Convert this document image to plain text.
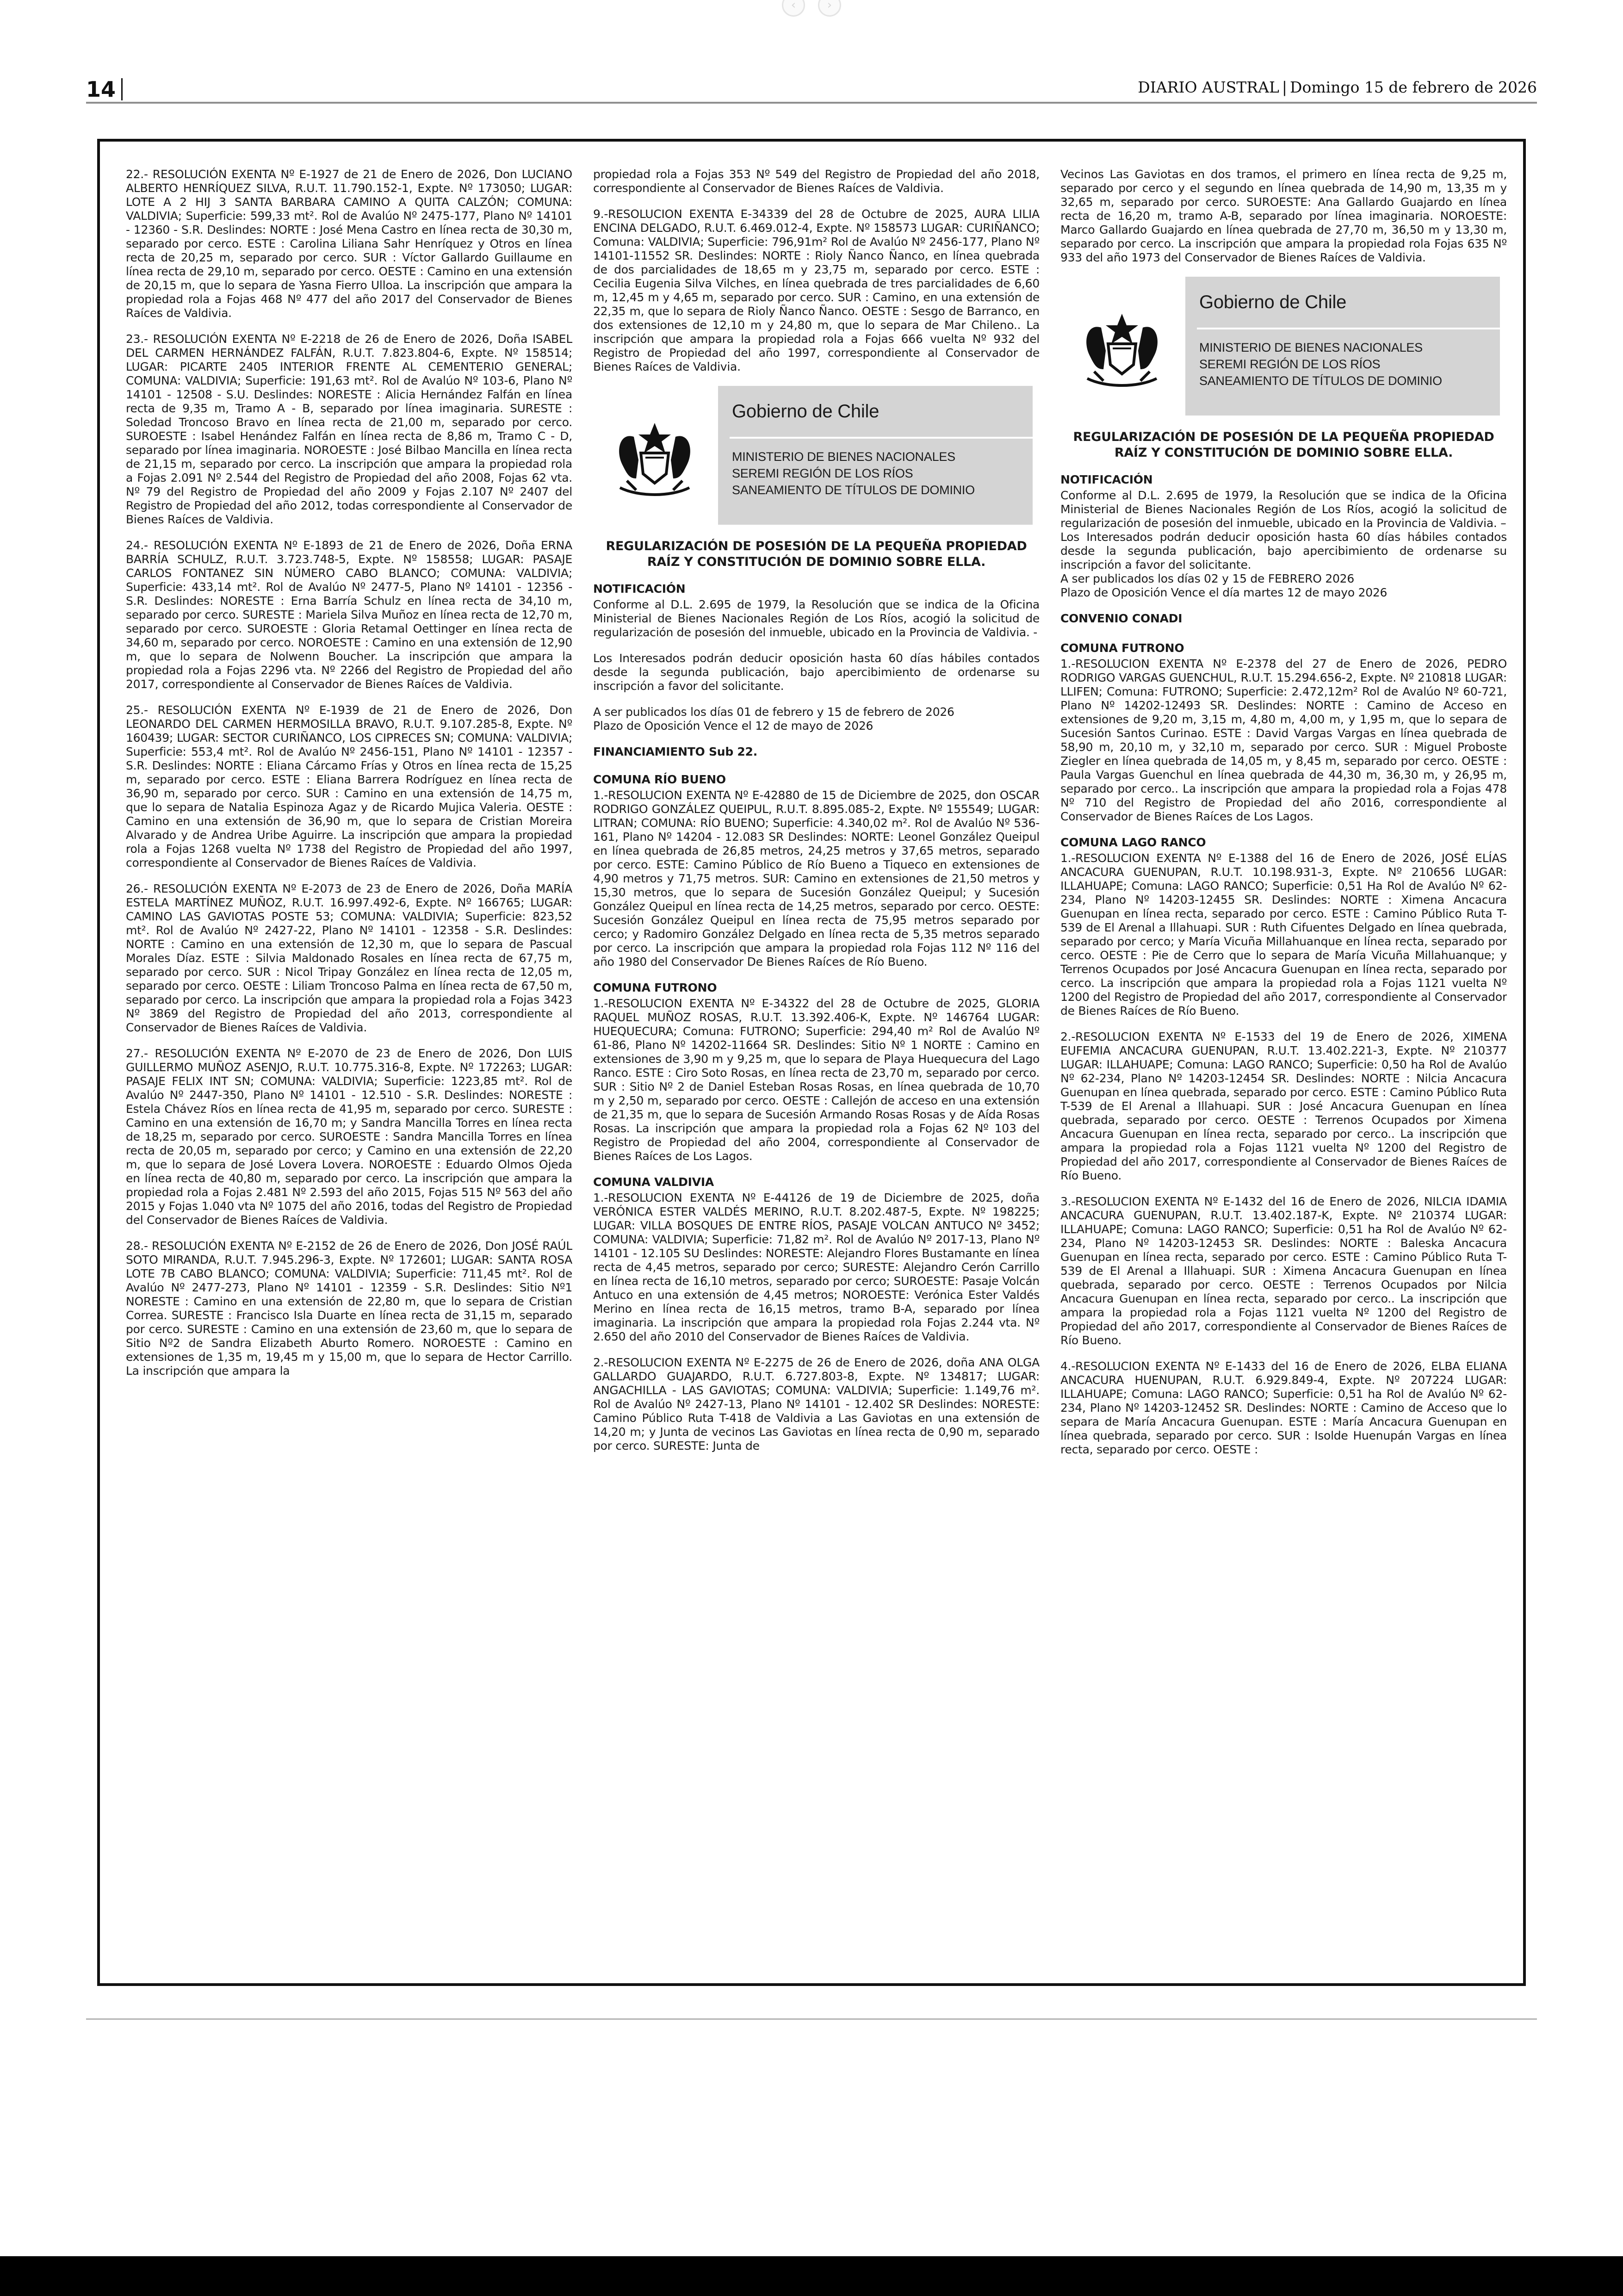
‹	›
14	DIARIO AUSTRAL | Domingo 15 de febrero de 2026

22.- RESOLUCIÓN EXENTA Nº E-1927 de 21 de Enero de 2026, Don LUCIANO ALBERTO HENRÍQUEZ SILVA, R.U.T. 11.790.152-1, Expte. Nº 173050; LUGAR: LOTE A 2 HIJ 3 SANTA BARBARA CAMINO A QUITA CALZÓN; COMUNA: VALDIVIA; Superficie: 599,33 mt². Rol de Avalúo Nº 2475-177, Plano Nº 14101 - 12360 - S.R. Deslindes: NORTE : José Mena Castro en línea recta de 30,30 m, separado por cerco. ESTE : Carolina Liliana Sahr Henríquez y Otros en línea recta de 20,25 m, separado por cerco. SUR : Víctor Gallardo Guillaume en línea recta de 29,10 m, separado por cerco. OESTE : Camino en una extensión de 20,15 m, que lo separa de Yasna Fierro Ulloa. La inscripción que ampara la propiedad rola a Fojas 468 Nº 477 del año 2017 del Conservador de Bienes Raíces de Valdivia.

23.- RESOLUCIÓN EXENTA Nº E-2218 de 26 de Enero de 2026, Doña ISABEL DEL CARMEN HERNÁNDEZ FALFÁN, R.U.T. 7.823.804-6, Expte. Nº 158514; LUGAR: PICARTE 2405 INTERIOR FRENTE AL CEMENTERIO GENERAL; COMUNA: VALDIVIA; Superficie: 191,63 mt². Rol de Avalúo Nº 103-6, Plano Nº 14101 - 12508 - S.U. Deslindes: NORESTE : Alicia Hernández Falfán en línea recta de 9,35 m, Tramo A - B, separado por línea imaginaria. SURESTE : Soledad Troncoso Bravo en línea recta de 21,00 m, separado por cerco. SUROESTE : Isabel Henández Falfán en línea recta de 8,86 m, Tramo C - D, separado por línea imaginaria. NOROESTE : José Bilbao Mancilla en línea recta de 21,15 m, separado por cerco. La inscripción que ampara la propiedad rola a Fojas 2.091 Nº 2.544 del Registro de Propiedad del año 2008, Fojas 62 vta. Nº 79 del Registro de Propiedad del año 2009 y Fojas 2.107 Nº 2407 del Registro de Propiedad del año 2012, todas correspondiente al Conservador de Bienes Raíces de Valdivia.

24.- RESOLUCIÓN EXENTA Nº E-1893 de 21 de Enero de 2026, Doña ERNA BARRÍA SCHULZ, R.U.T. 3.723.748-5, Expte. Nº 158558; LUGAR: PASAJE CARLOS FONTANEZ SIN NÚMERO CABO BLANCO; COMUNA: VALDIVIA; Superficie: 433,14 mt². Rol de Avalúo Nº 2477-5, Plano Nº 14101 - 12356 - S.R. Deslindes: NORESTE : Erna Barría Schulz en línea recta de 34,10 m, separado por cerco. SURESTE : Mariela Silva Muñoz en línea recta de 12,70 m, separado por cerco. SUROESTE : Gloria Retamal Oettinger en línea recta de 34,60 m, separado por cerco. NOROESTE : Camino en una extensión de 12,90 m, que lo separa de Nolwenn Boucher. La inscripción que ampara la propiedad rola a Fojas 2296 vta. Nº 2266 del Registro de Propiedad del año 2017, correspondiente al Conservador de Bienes Raíces de Valdivia.

25.- RESOLUCIÓN EXENTA Nº E-1939 de 21 de Enero de 2026, Don LEONARDO DEL CARMEN HERMOSILLA BRAVO, R.U.T. 9.107.285-8, Expte. Nº 160439; LUGAR: SECTOR CURIÑANCO, LOS CIPRECES SN; COMUNA: VALDIVIA; Superficie: 553,4 mt². Rol de Avalúo Nº 2456-151, Plano Nº 14101 - 12357 - S.R. Deslindes: NORTE : Eliana Cárcamo Frías y Otros en línea recta de 15,25 m, separado por cerco. ESTE : Eliana Barrera Rodríguez en línea recta de 36,90 m, separado por cerco. SUR : Camino en una extensión de 14,75 m, que lo separa de Natalia Espinoza Agaz y de Ricardo Mujica Valeria. OESTE : Camino en una extensión de 36,90 m, que lo separa de Cristian Moreira Alvarado y de Andrea Uribe Aguirre. La inscripción que ampara la propiedad rola a Fojas 1268 vuelta Nº 1738 del Registro de Propiedad del año 1997, correspondiente al Conservador de Bienes Raíces de Valdivia.

26.- RESOLUCIÓN EXENTA Nº E-2073 de 23 de Enero de 2026, Doña MARÍA ESTELA MARTÍNEZ MUÑOZ, R.U.T. 16.997.492-6, Expte. Nº 166765; LUGAR: CAMINO LAS GAVIOTAS POSTE 53; COMUNA: VALDIVIA; Superficie: 823,52 mt². Rol de Avalúo Nº 2427-22, Plano Nº 14101 - 12358 - S.R. Deslindes: NORTE : Camino en una extensión de 12,30 m, que lo separa de Pascual Morales Díaz. ESTE : Silvia Maldonado Rosales en línea recta de 67,75 m, separado por cerco. SUR : Nicol Tripay González en línea recta de 12,05 m, separado por cerco. OESTE : Liliam Troncoso Palma en línea recta de 67,50 m, separado por cerco. La inscripción que ampara la propiedad rola a Fojas 3423 Nº 3869 del Registro de Propiedad del año 2013, correspondiente al Conservador de Bienes Raíces de Valdivia.

27.- RESOLUCIÓN EXENTA Nº E-2070 de 23 de Enero de 2026, Don LUIS GUILLERMO MUÑOZ ASENJO, R.U.T. 10.775.316-8, Expte. Nº 172263; LUGAR: PASAJE FELIX INT SN; COMUNA: VALDIVIA; Superficie: 1223,85 mt². Rol de Avalúo Nº 2447-350, Plano Nº 14101 - 12.510 - S.R. Deslindes: NORESTE : Estela Chávez Ríos en línea recta de 41,95 m, separado por cerco. SURESTE : Camino en una extensión de 16,70 m; y Sandra Mancilla Torres en línea recta de 18,25 m, separado por cerco. SUROESTE : Sandra Mancilla Torres en línea recta de 20,05 m, separado por cerco; y Camino en una extensión de 22,20 m, que lo separa de José Lovera Lovera. NOROESTE : Eduardo Olmos Ojeda en línea recta de 40,80 m, separado por cerco. La inscripción que ampara la propiedad rola a Fojas 2.481 Nº 2.593 del año 2015, Fojas 515 Nº 563 del año 2015 y Fojas 1.040 vta Nº 1075 del año 2016, todas del Registro de Propiedad del Conservador de Bienes Raíces de Valdivia.

28.- RESOLUCIÓN EXENTA Nº E-2152 de 26 de Enero de 2026, Don JOSÉ RAÚL SOTO MIRANDA, R.U.T. 7.945.296-3, Expte. Nº 172601; LUGAR: SANTA ROSA LOTE 7B CABO BLANCO; COMUNA: VALDIVIA; Superficie: 711,45 mt². Rol de Avalúo Nº 2477-273, Plano Nº 14101 - 12359 - S.R. Deslindes: Sitio Nº1 NORESTE : Camino en una extensión de 22,80 m, que lo separa de Cristian Correa. SURESTE : Francisco Isla Duarte en línea recta de 31,15 m, separado por cerco. SURESTE : Camino en una extensión de 23,60 m, que lo separa de Sitio Nº2 de Sandra Elizabeth Aburto Romero. NOROESTE : Camino en extensiones de 1,35 m, 19,45 m y 15,00 m, que lo separa de Hector Carrillo. La inscripción que ampara la

propiedad rola a Fojas 353 Nº 549 del Registro de Propiedad del año 2018, correspondiente al Conservador de Bienes Raíces de Valdivia.

9.-RESOLUCION EXENTA E-34339 del 28 de Octubre de 2025, AURA LILIA ENCINA DELGADO, R.U.T. 6.469.012-4, Expte. Nº 158573 LUGAR: CURIÑANCO; Comuna: VALDIVIA; Superficie: 796,91m² Rol de Avalúo Nº 2456-177, Plano Nº 14101-11552 SR. Deslindes: NORTE : Rioly Ñanco Ñanco, en línea quebrada de dos parcialidades de 18,65 m y 23,75 m, separado por cerco. ESTE : Cecilia Eugenia Silva Vilches, en línea quebrada de tres parcialidades de 6,60 m, 12,45 m y 4,65 m, separado por cerco. SUR : Camino, en una extensión de 22,35 m, que lo separa de Rioly Ñanco Ñanco. OESTE : Sesgo de Barranco, en dos extensiones de 12,10 m y 24,80 m, que lo separa de Mar Chileno.. La inscripción que ampara la propiedad rola a Fojas 666 vuelta Nº 932 del Registro de Propiedad del año 1997, correspondiente al Conservador de Bienes Raíces de Valdivia.

Gobierno de Chile
MINISTERIO DE BIENES NACIONALES
SEREMI REGIÓN DE LOS RÍOS
SANEAMIENTO DE TÍTULOS DE DOMINIO
REGULARIZACIÓN DE POSESIÓN DE LA PEQUEÑA PROPIEDAD RAÍZ Y CONSTITUCIÓN DE DOMINIO SOBRE ELLA.
NOTIFICACIÓN

Conforme al D.L. 2.695 de 1979, la Resolución que se indica de la Oficina Ministerial de Bienes Nacionales Región de Los Ríos, acogió la solicitud de regularización de posesión del inmueble, ubicado en la Provincia de Valdivia. -

Los Interesados podrán deducir oposición hasta 60 días hábiles contados desde la segunda publicación, bajo apercibimiento de ordenarse su inscripción a favor del solicitante.

A ser publicados los días 01 de febrero y 15 de febrero de 2026

Plazo de Oposición Vence el 12 de mayo de 2026

FINANCIAMIENTO Sub 22.
COMUNA RÍO BUENO

1.-RESOLUCION EXENTA Nº E-42880 de 15 de Diciembre de 2025, don OSCAR RODRIGO GONZÁLEZ QUEIPUL, R.U.T. 8.895.085-2, Expte. Nº 155549; LUGAR: LITRAN; COMUNA: RÍO BUENO; Superficie: 4.340,02 m². Rol de Avalúo Nº 536-161, Plano Nº 14204 - 12.083 SR Deslindes: NORTE: Leonel González Queipul en línea quebrada de 26,85 metros, 24,25 metros y 37,65 metros, separado por cerco. ESTE: Camino Público de Río Bueno a Tiqueco en extensiones de 4,90 metros y 71,75 metros. SUR: Camino en extensiones de 21,50 metros y 15,30 metros, que lo separa de Sucesión González Queipul; y Sucesión González Queipul en línea recta de 14,25 metros, separado por cerco. OESTE: Sucesión González Queipul en línea recta de 75,95 metros separado por cerco; y Radomiro González Delgado en línea recta de 5,35 metros separado por cerco. La inscripción que ampara la propiedad rola Fojas 112 Nº 116 del año 1980 del Conservador De Bienes Raíces de Río Bueno.

COMUNA FUTRONO

1.-RESOLUCION EXENTA Nº E-34322 del 28 de Octubre de 2025, GLORIA RAQUEL MUÑOZ ROSAS, R.U.T. 13.392.406-K, Expte. Nº 146764 LUGAR: HUEQUECURA; Comuna: FUTRONO; Superficie: 294,40 m² Rol de Avalúo Nº 61-86, Plano Nº 14202-11664 SR. Deslindes: Sitio Nº 1 NORTE : Camino en extensiones de 3,90 m y 9,25 m, que lo separa de Playa Huequecura del Lago Ranco. ESTE : Ciro Soto Rosas, en línea recta de 23,70 m, separado por cerco. SUR : Sitio Nº 2 de Daniel Esteban Rosas Rosas, en línea quebrada de 10,70 m y 2,50 m, separado por cerco. OESTE : Callejón de acceso en una extensión de 21,35 m, que lo separa de Sucesión Armando Rosas Rosas y de Aída Rosas Rosas. La inscripción que ampara la propiedad rola a Fojas 62 Nº 103 del Registro de Propiedad del año 2004, correspondiente al Conservador de Bienes Raíces de Los Lagos.

COMUNA VALDIVIA

1.-RESOLUCION EXENTA Nº E-44126 de 19 de Diciembre de 2025, doña VERÓNICA ESTER VALDÉS MERINO, R.U.T. 8.202.487-5, Expte. Nº 198225; LUGAR: VILLA BOSQUES DE ENTRE RÍOS, PASAJE VOLCAN ANTUCO Nº 3452; COMUNA: VALDIVIA; Superficie: 71,82 m². Rol de Avalúo Nº 2017-13, Plano Nº 14101 - 12.105 SU Deslindes: NORESTE: Alejandro Flores Bustamante en línea recta de 4,45 metros, separado por cerco; SURESTE: Alejandro Cerón Carrillo en línea recta de 16,10 metros, separado por cerco; SUROESTE: Pasaje Volcán Antuco en una extensión de 4,45 metros; NOROESTE: Verónica Ester Valdés Merino en línea recta de 16,15 metros, tramo B-A, separado por línea imaginaria. La inscripción que ampara la propiedad rola Fojas 2.244 vta. Nº 2.650 del año 2010 del Conservador de Bienes Raíces de Valdivia.

2.-RESOLUCION EXENTA Nº E-2275 de 26 de Enero de 2026, doña ANA OLGA GALLARDO GUAJARDO, R.U.T. 6.727.803-8, Expte. Nº 134817; LUGAR: ANGACHILLA - LAS GAVIOTAS; COMUNA: VALDIVIA; Superficie: 1.149,76 m². Rol de Avalúo Nº 2427-13, Plano Nº 14101 - 12.402 SR Deslindes: NORESTE: Camino Público Ruta T-418 de Valdivia a Las Gaviotas en una extensión de 14,20 m; y Junta de vecinos Las Gaviotas en línea recta de 0,90 m, separado por cerco. SURESTE: Junta de

Vecinos Las Gaviotas en dos tramos, el primero en línea recta de 9,25 m, separado por cerco y el segundo en línea quebrada de 14,90 m, 13,35 m y 32,65 m, separado por cerco. SUROESTE: Ana Gallardo Guajardo en línea recta de 16,20 m, tramo A-B, separado por línea imaginaria. NOROESTE: Marco Gallardo Guajardo en línea quebrada de 27,70 m, 36,50 m y 13,30 m, separado por cerco. La inscripción que ampara la propiedad rola Fojas 635 Nº 933 del año 1973 del Conservador de Bienes Raíces de Valdivia.

Gobierno de Chile
MINISTERIO DE BIENES NACIONALES
SEREMI REGIÓN DE LOS RÍOS
SANEAMIENTO DE TÍTULOS DE DOMINIO
REGULARIZACIÓN DE POSESIÓN DE LA PEQUEÑA PROPIEDAD RAÍZ Y CONSTITUCIÓN DE DOMINIO SOBRE ELLA.
NOTIFICACIÓN
Conforme al D.L. 2.695 de 1979, la Resolución que se indica de la Oficina Ministerial de Bienes Nacionales Región de Los Ríos, acogió la solicitud de regularización de posesión del inmueble, ubicado en la Provincia de Valdivia. –
Los Interesados podrán deducir oposición hasta 60 días hábiles contados desde la segunda publicación, bajo apercibimiento de ordenarse su inscripción a favor del solicitante.
A ser publicados los días 02 y 15 de FEBRERO 2026

Plazo de Oposición Vence el día martes 12 de mayo 2026

CONVENIO CONADI
COMUNA FUTRONO

1.-RESOLUCION EXENTA Nº E-2378 del 27 de Enero de 2026, PEDRO RODRIGO VARGAS GUENCHUL, R.U.T. 15.294.656-2, Expte. Nº 210818 LUGAR: LLIFEN; Comuna: FUTRONO; Superficie: 2.472,12m² Rol de Avalúo Nº 60-721, Plano Nº 14202-12493 SR. Deslindes: NORTE : Camino de Acceso en extensiones de 9,20 m, 3,15 m, 4,80 m, 4,00 m, y 1,95 m, que lo separa de Sucesión Santos Curinao. ESTE : David Vargas Vargas en línea quebrada de 58,90 m, 20,10 m, y 32,10 m, separado por cerco. SUR : Miguel Proboste Ziegler en línea quebrada de 14,05 m, y 8,45 m, separado por cerco. OESTE : Paula Vargas Guenchul en línea quebrada de 44,30 m, 36,30 m, y 26,95 m, separado por cerco.. La inscripción que ampara la propiedad rola a Fojas 478 Nº 710 del Registro de Propiedad del año 2016, correspondiente al Conservador de Bienes Raíces de Los Lagos.

COMUNA LAGO RANCO

1.-RESOLUCION EXENTA Nº E-1388 del 16 de Enero de 2026, JOSÉ ELÍAS ANCACURA GUENUPAN, R.U.T. 10.198.931-3, Expte. Nº 210656 LUGAR: ILLAHUAPE; Comuna: LAGO RANCO; Superficie: 0,51 Ha Rol de Avalúo Nº 62-234, Plano Nº 14203-12455 SR. Deslindes: NORTE : Ximena Ancacura Guenupan en línea recta, separado por cerco. ESTE : Camino Público Ruta T-539 de El Arenal a Illahuapi. SUR : Ruth Cifuentes Delgado en línea quebrada, separado por cerco; y María Vicuña Millahuanque en línea recta, separado por cerco. OESTE : Pie de Cerro que lo separa de María Vicuña Millahuanque; y Terrenos Ocupados por José Ancacura Guenupan en línea recta, separado por cerco. La inscripción que ampara la propiedad rola a Fojas 1121 vuelta Nº 1200 del Registro de Propiedad del año 2017, correspondiente al Conservador de Bienes Raíces de Río Bueno.

2.-RESOLUCION EXENTA Nº E-1533 del 19 de Enero de 2026, XIMENA EUFEMIA ANCACURA GUENUPAN, R.U.T. 13.402.221-3, Expte. Nº 210377 LUGAR: ILLAHUAPE; Comuna: LAGO RANCO; Superficie: 0,50 ha Rol de Avalúo Nº 62-234, Plano Nº 14203-12454 SR. Deslindes: NORTE : Nilcia Ancacura Guenupan en línea quebrada, separado por cerco. ESTE : Camino Público Ruta T-539 de El Arenal a Illahuapi. SUR : José Ancacura Guenupan en línea quebrada, separado por cerco. OESTE : Terrenos Ocupados por Ximena Ancacura Guenupan en línea recta, separado por cerco.. La inscripción que ampara la propiedad rola a Fojas 1121 vuelta Nº 1200 del Registro de Propiedad del año 2017, correspondiente al Conservador de Bienes Raíces de Río Bueno.

3.-RESOLUCION EXENTA Nº E-1432 del 16 de Enero de 2026, NILCIA IDAMIA ANCACURA GUENUPAN, R.U.T. 13.402.187-K, Expte. Nº 210374 LUGAR: ILLAHUAPE; Comuna: LAGO RANCO; Superficie: 0,51 ha Rol de Avalúo Nº 62-234, Plano Nº 14203-12453 SR. Deslindes: NORTE : Baleska Ancacura Guenupan en línea recta, separado por cerco. ESTE : Camino Público Ruta T-539 de El Arenal a Illahuapi. SUR : Ximena Ancacura Guenupan en línea quebrada, separado por cerco. OESTE : Terrenos Ocupados por Nilcia Ancacura Guenupan en línea recta, separado por cerco.. La inscripción que ampara la propiedad rola a Fojas 1121 vuelta Nº 1200 del Registro de Propiedad del año 2017, correspondiente al Conservador de Bienes Raíces de Río Bueno.

4.-RESOLUCION EXENTA Nº E-1433 del 16 de Enero de 2026, ELBA ELIANA ANCACURA HUENUPAN, R.U.T. 6.929.849-4, Expte. Nº 207224 LUGAR: ILLAHUAPE; Comuna: LAGO RANCO; Superficie: 0,51 ha Rol de Avalúo Nº 62-234, Plano Nº 14203-12452 SR. Deslindes: NORTE : Camino de Acceso que lo separa de María Ancacura Guenupan. ESTE : María Ancacura Guenupan en línea quebrada, separado por cerco. SUR : Isolde Huenupán Vargas en línea recta, separado por cerco. OESTE :
